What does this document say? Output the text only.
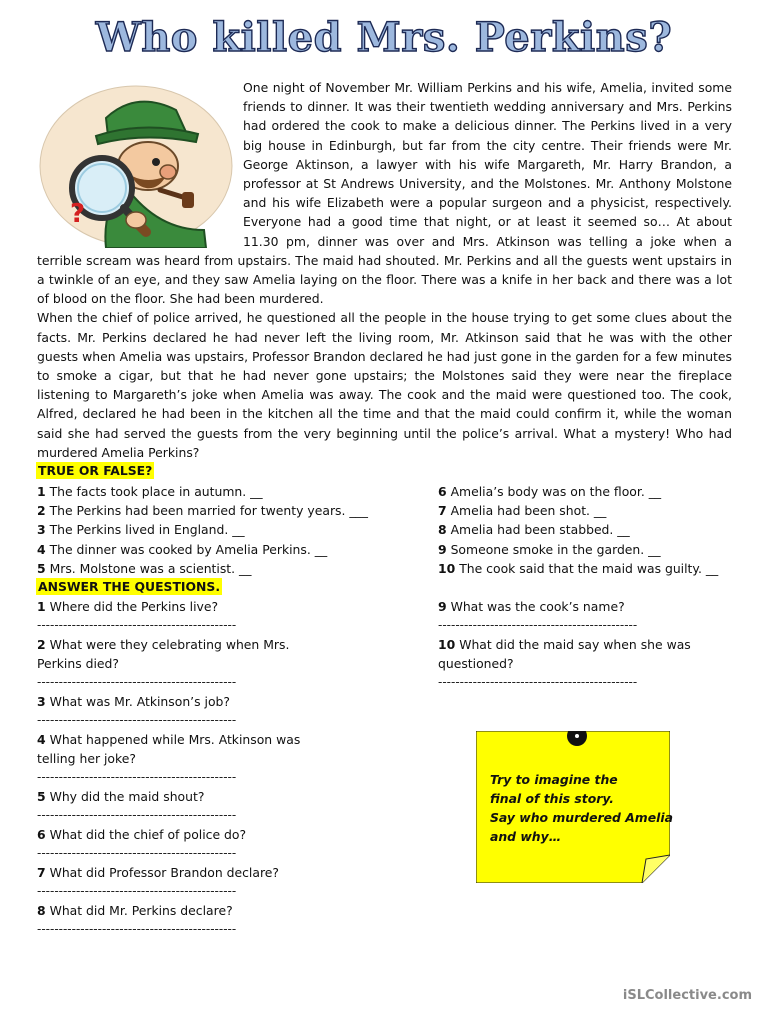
Who killed Mrs. Perkins?
?

One night of November Mr. William Perkins and his wife, Amelia, invited some friends to dinner. It was their twentieth wedding anniversary and Mrs. Perkins had ordered the cook to make a delicious dinner. The Perkins lived in a very big house in Edinburgh, but far from the city centre. Their friends were Mr. George Aktinson, a lawyer with his wife Margareth, Mr. Harry Brandon, a professor at St Andrews University, and the Molstones. Mr. Anthony Molstone and his wife Elizabeth were a popular surgeon and a physicist, respectively. Everyone had a good time that night, or at least it seemed so… At about 11.30 pm, dinner was over and Mrs. Atkinson was telling a joke when a terrible scream was heard from upstairs. The maid had shouted. Mr. Perkins and all the guests went upstairs in a twinkle of an eye, and they saw Amelia laying on the floor. There was a knife in her back and there was a lot of blood on the floor. She had been murdered.

When the chief of police arrived, he questioned all the people in the house trying to get some clues about the facts. Mr. Perkins declared he had never left the living room, Mr. Atkinson said that he was with the other guests when Amelia was upstairs, Professor Brandon declared he had just gone in the garden for a few minutes to smoke a cigar, but that he had never gone upstairs; the Molstones said they were near the fireplace listening to Margareth’s joke when Amelia was away. The cook and the maid were questioned too. The cook, Alfred, declared he had been in the kitchen all the time and that the maid could confirm it, while the woman said she had served the guests from the very beginning until the police’s arrival. What a mystery! Who had murdered Amelia Perkins?

TRUE OR FALSE?
1 The facts took place in autumn. __
2 The Perkins had been married for twenty years. ___
3 The Perkins lived in England. __
4 The dinner was cooked by Amelia Perkins. __
5 Mrs. Molstone was a scientist. __
6 Amelia’s body was on the floor. __
7 Amelia had been shot. __
8 Amelia had been stabbed. __
9 Someone smoke in the garden. __
10 The cook said that the maid was guilty. __
ANSWER THE QUESTIONS.
1 Where did the Perkins live?
----------------------------------------------
2 What were they celebrating when Mrs. Perkins died?
----------------------------------------------
3 What was Mr. Atkinson’s job?
----------------------------------------------
4 What happened while Mrs. Atkinson was telling her joke?
----------------------------------------------
5 Why did the maid shout?
----------------------------------------------
6 What did the chief of police do?
----------------------------------------------
7 What did Professor Brandon declare?
----------------------------------------------
8 What did Mr. Perkins declare?
----------------------------------------------
9 What was the cook’s name?
----------------------------------------------
10 What did the maid say when she was questioned?
----------------------------------------------
Try to imagine the
final of this story.
Say who murdered Amelia
and why…
iSLCollective.com
